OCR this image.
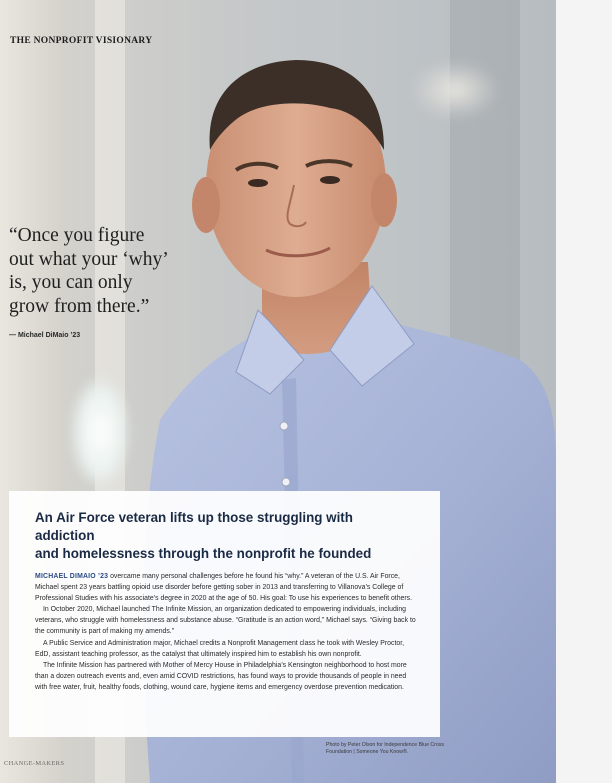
THE NONPROFIT VISIONARY
“Once you figure
out what your ‘why’
is, you can only
grow from there.”
— Michael DiMaio ’23
An Air Force veteran lifts up those struggling with addiction
and homelessness through the nonprofit he founded

MICHAEL DIMAIO ’23 overcame many personal challenges before he found his “why.” A veteran of the U.S. Air Force, Michael spent 23 years battling opioid use disorder before getting sober in 2013 and transferring to Villanova’s College of Professional Studies with his associate’s degree in 2020 at the age of 50. His goal: To use his experiences to benefit others.

In October 2020, Michael launched The Infinite Mission, an organization dedicated to empowering individuals, including veterans, who struggle with homelessness and substance abuse. “Gratitude is an action word,” Michael says. “Giving back to the community is part of making my amends.”

A Public Service and Administration major, Michael credits a Nonprofit Management class he took with Wesley Proctor, EdD, assistant teaching professor, as the catalyst that ultimately inspired him to establish his own nonprofit.

The Infinite Mission has partnered with Mother of Mercy House in Philadelphia’s Kensington neighborhood to host more than a dozen outreach events and, even amid COVID restrictions, has found ways to provide thousands of people in need with free water, fruit, healthy foods, clothing, wound care, hygiene items and emergency overdose prevention medication.

Photo by Peter Olson for Independence Blue Cross Foundation | Someone You Know®.
CHANGE-MAKERS
